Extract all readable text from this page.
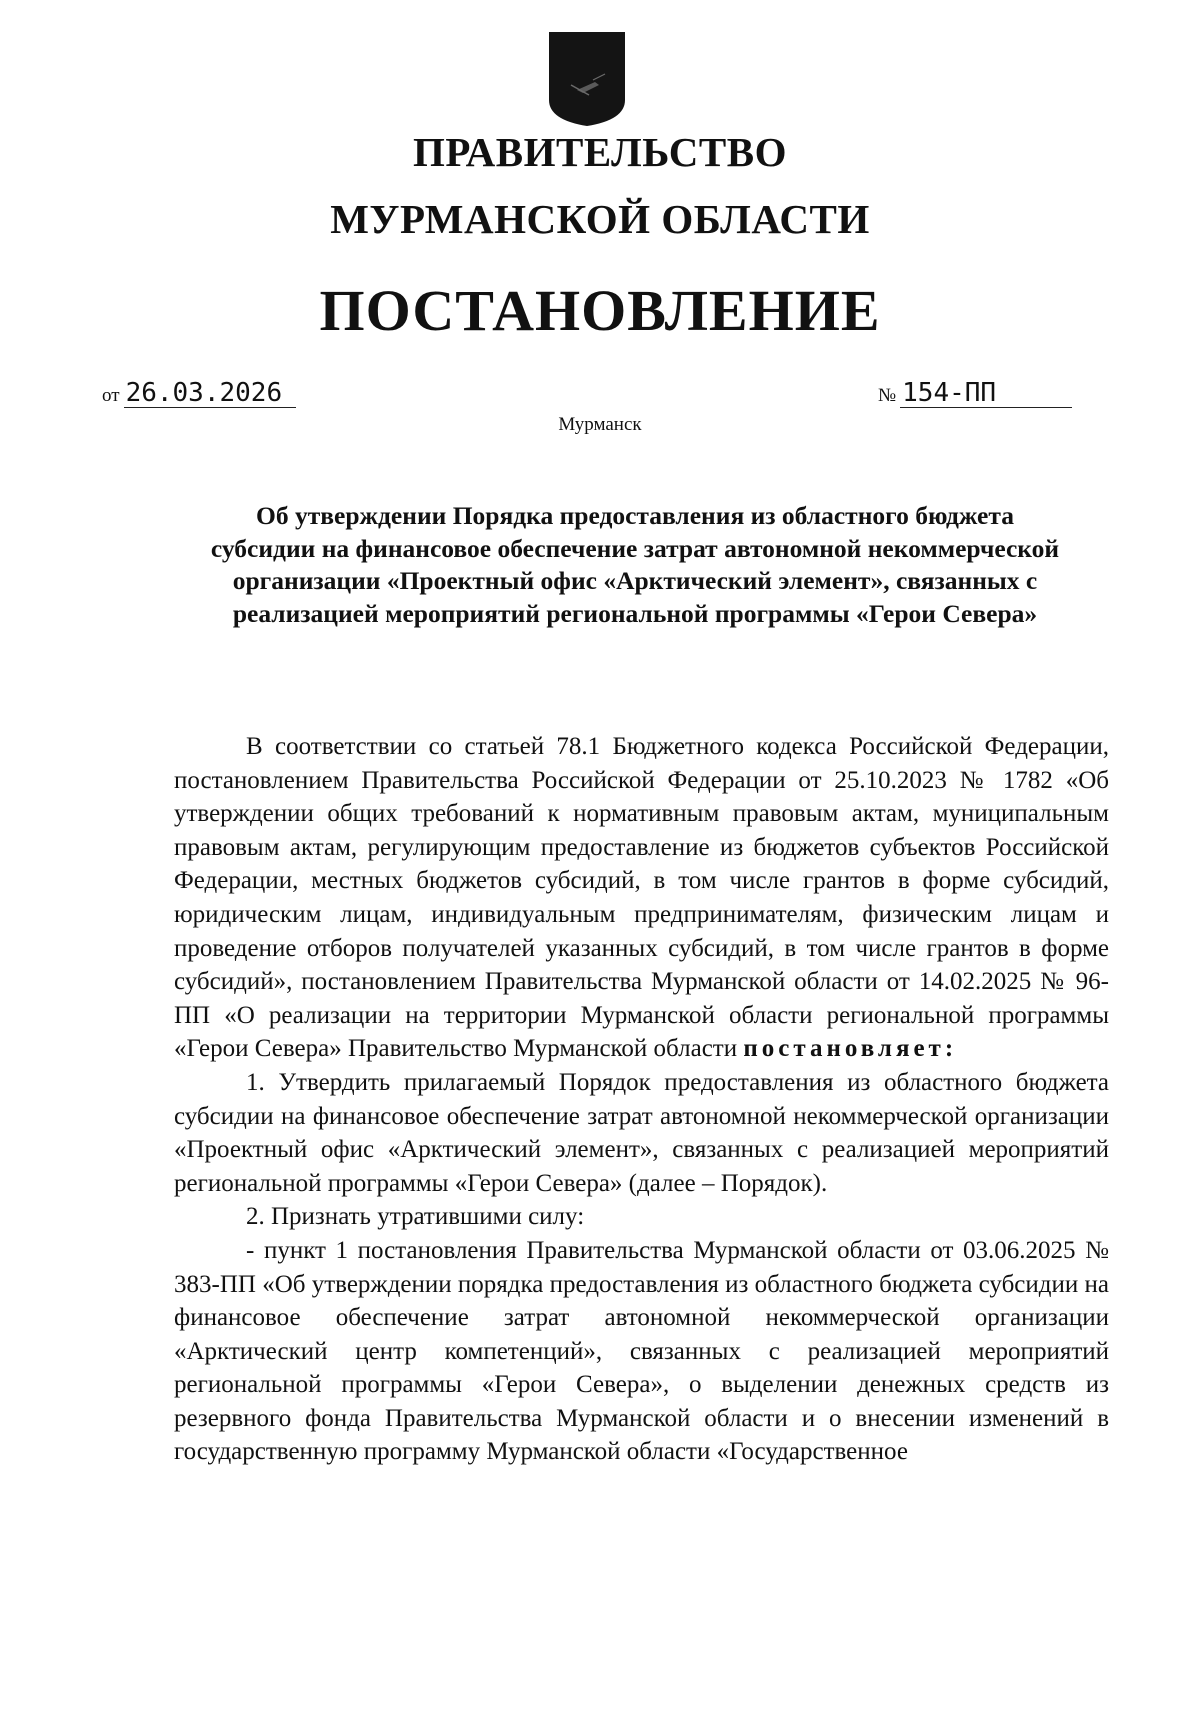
ПРАВИТЕЛЬСТВО
МУРМАНСКОЙ ОБЛАСТИ
ПОСТАНОВЛЕНИЕ
от 26.03.2026	№ 154-ПП
Мурманск
Об утверждении Порядка предоставления из областного бюджета субсидии на финансовое обеспечение затрат автономной некоммерческой организации «Проектный офис «Арктический элемент», связанных с реализацией мероприятий региональной программы «Герои Севера»

В соответствии со статьей 78.1 Бюджетного кодекса Российской Федерации, постановлением Правительства Российской Федерации от 25.10.2023 № 1782 «Об утверждении общих требований к нормативным правовым актам, муниципальным правовым актам, регулирующим предоставление из бюджетов субъектов Российской Федерации, местных бюджетов субсидий, в том числе грантов в форме субсидий, юридическим лицам, индивидуальным предпринимателям, физическим лицам и проведение отборов получателей указанных субсидий, в том числе грантов в форме субсидий», постановлением Правительства Мурманской области от 14.02.2025 № 96-ПП «О реализации на территории Мурманской области региональной программы «Герои Севера» Правительство Мурманской области постановляет:

1. Утвердить прилагаемый Порядок предоставления из областного бюджета субсидии на финансовое обеспечение затрат автономной некоммерческой организации «Проектный офис «Арктический элемент», связанных с реализацией мероприятий региональной программы «Герои Севера» (далее – Порядок).

2. Признать утратившими силу:

- пункт 1 постановления Правительства Мурманской области от 03.06.2025 № 383-ПП «Об утверждении порядка предоставления из областного бюджета субсидии на финансовое обеспечение затрат автономной некоммерческой организации «Арктический центр компетенций», связанных с реализацией мероприятий региональной программы «Герои Севера», о выделении денежных средств из резервного фонда Правительства Мурманской области и о внесении изменений в государственную программу Мурманской области «Государственное
